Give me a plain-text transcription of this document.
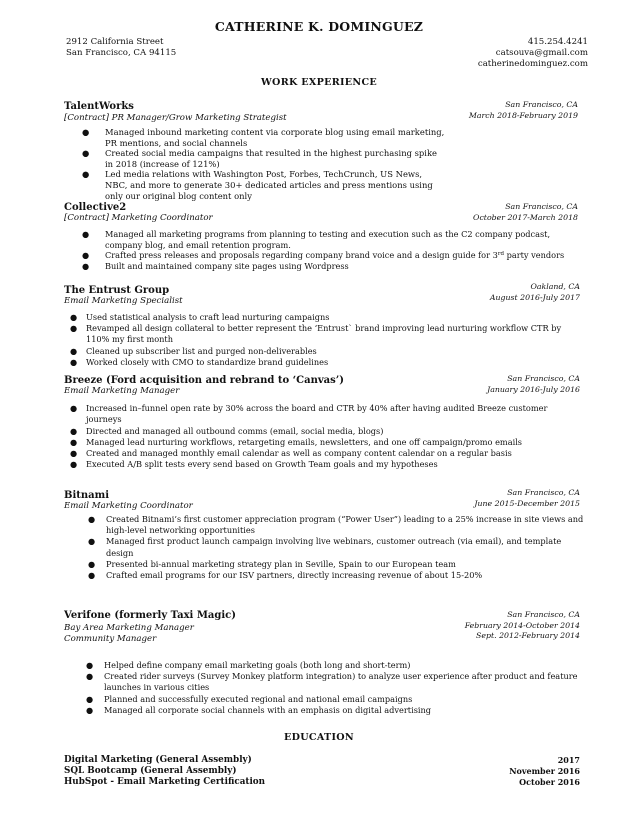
CATHERINE K. DOMINGUEZ
2912 California Street
San Francisco, CA 94115
415.254.4241
catsouva@gmail.com
catherinedominguez.com
WORK EXPERIENCE
TalentWorks
[Contract] PR Manager/Grow Marketing Strategist
San Francisco, CA
March 2018-February 2019
● Managed inbound marketing content via corporate blog using email marketing,
PR mentions, and social channels
● Created social media campaigns that resulted in the highest purchasing spike
in 2018 (increase of 121%)
● Led media relations with Washington Post, Forbes, TechCrunch, US News,
NBC, and more to generate 30+ dedicated articles and press mentions using
only our original blog content only
Collective2
[Contract] Marketing Coordinator
San Francisco, CA
October 2017-March 2018
● Managed all marketing programs from planning to testing and execution such as the C2 company podcast,
company blog, and email retention program.
● Crafted press releases and proposals regarding company brand voice and a design guide for 3rd party vendors
● Built and maintained company site pages using Wordpress
The Entrust Group
Email Marketing Specialist
Oakland, CA
August 2016-July 2017
● Used statistical analysis to craft lead nurturing campaigns
● Revamped all design collateral to better represent the ‘Entrust` brand improving lead nurturing workflow CTR by
110% my first month
● Cleaned up subscriber list and purged non-deliverables
● Worked closely with CMO to standardize brand guidelines
Breeze (Ford acquisition and rebrand to ‘Canvas’)
Email Marketing Manager
San Francisco, CA
January 2016-July 2016
● Increased in–funnel open rate by 30% across the board and CTR by 40% after having audited Breeze customer
journeys
● Directed and managed all outbound comms (email, social media, blogs)
● Managed lead nurturing workflows, retargeting emails, newsletters, and one off campaign/promo emails
● Created and managed monthly email calendar as well as company content calendar on a regular basis
● Executed A/B split tests every send based on Growth Team goals and my hypotheses
Bitnami
Email Marketing Coordinator
San Francisco, CA
June 2015-December 2015
● Created Bitnami’s first customer appreciation program (“Power User”) leading to a 25% increase in site views and
high-level networking opportunities
● Managed first product launch campaign involving live webinars, customer outreach (via email), and template
design
● Presented bi-annual marketing strategy plan in Seville, Spain to our European team
● Crafted email programs for our ISV partners, directly increasing revenue of about 15-20%
Verifone (formerly Taxi Magic)
Bay Area Marketing Manager
Community Manager
San Francisco, CA
February 2014-October 2014
Sept. 2012-February 2014
● Helped define company email marketing goals (both long and short-term)
● Created rider surveys (Survey Monkey platform integration) to analyze user experience after product and feature
launches in various cities
● Planned and successfully executed regional and national email campaigns
● Managed all corporate social channels with an emphasis on digital advertising
EDUCATION
Digital Marketing (General Assembly)
SQL Bootcamp (General Assembly)
HubSpot - Email Marketing Certification
2017
November 2016
October 2016
